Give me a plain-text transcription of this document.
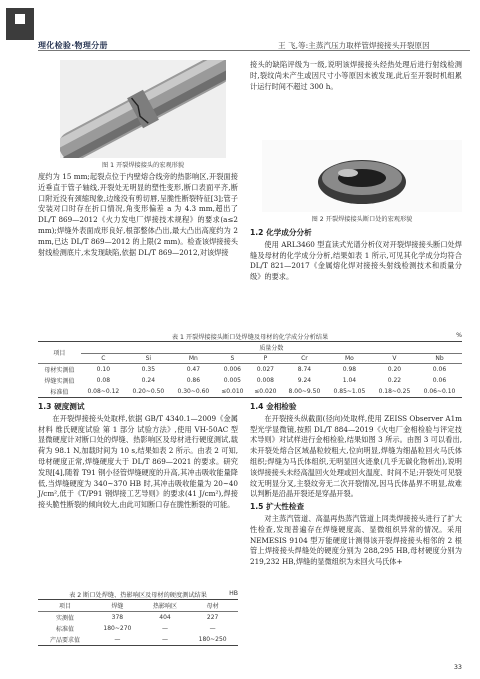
理化检验·物理分册	王 飞,等:主蒸汽压力取样管焊接接头开裂原因
图 1 开裂焊接接头的宏观形貌

度约为 15 mm;起裂点位于内壁熔合线旁的热影响区,开裂面接近垂直于管子轴线,开裂处无明显的塑性变形,断口表面平齐,断口附近没有颈缩现象,边缘没有剪切唇,呈脆性断裂特征[3];管子安装对口时存在折口情况,角变形偏差 a 为 4.3 mm,超出了 DL/T 869—2012《火力发电厂焊接技术规程》的要求(a≤2 mm);焊缝外表面成形良好,根部整体凸出,最大凸出高度约为 2 mm,已达 DL/T 869—2012 的上限(2 mm)。检查该焊接接头射线检测底片,未发现缺陷,依据 DL/T 869—2012,对该焊接

接头的缺陷评级为一级,说明该焊接接头经热处理后进行射线检测时,裂纹尚未产生或因尺寸小等原因未被发现,此后至开裂时机组累计运行时间不超过 300 h。

图 2 开裂焊接接头断口处的宏观形貌
1.2 化学成分分析

使用 ARL3460 型直读式光谱分析仪对开裂焊接接头断口处焊缝及母材的化学成分分析,结果如表 1 所示,可见其化学成分均符合 DL/T 821—2017《金属熔化焊对接接头射线检测技术和质量分级》的要求。

表 1 开裂焊接接头断口处焊缝及母材的化学成分分析结果	%
项目	质量分数								
	C	Si	Mn	S	P	Cr	Mo	V	Nb
母材实测值	0.10	0.35	0.47	0.006	0.027	8.74	0.98	0.20	0.06
焊缝实测值	0.08	0.24	0.86	0.005	0.008	9.24	1.04	0.22	0.06
标准值	0.08~0.12	0.20~0.50	0.30~0.60	≤0.010	≤0.020	8.00~9.50	0.85~1.05	0.18~0.25	0.06~0.10
1.3 硬度测试

在开裂焊接接头处取样,依据 GB/T 4340.1—2009《金属材料 维氏硬度试验 第 1 部分 试验方法》,使用 VH-50AC 型显微硬度计对断口处的焊缝、热影响区及母材进行硬度测试,载荷为 98.1 N,加载时间为 10 s,结果如表 2 所示。由表 2 可知,母材硬度正常,焊缝硬度大于 DL/T 869—2021 的要求。研究发现[4],随着 T91 钢小径管焊缝硬度的升高,其冲击吸收能量降低,当焊缝硬度为 340~370 HB 时,其冲击吸收能量为 20~40 J/cm²,低于《T/P91 钢焊接工艺导则》的要求(41 J/cm²),焊接接头脆性断裂的倾向较大,由此可知断口存在脆性断裂的可能。

表 2 断口处焊缝、热影响区及母材的硬度测试结果	HB
项目	焊缝	热影响区	母材
实测值	378	404	227
标准值	180~270	—	—
产品要求值	—	—	180~250
1.4 金相检验

在开裂接头纵截面(径向)处取样,使用 ZEISS Observer A1m 型光学显微镜,按照 DL/T 884—2019《火电厂金相检验与评定技术导则》对试样进行金相检验,结果如图 3 所示。由图 3 可以看出,未开裂处熔合区域晶粒较粗大,位向明显,焊缝为细晶粒回火马氏体组织;焊缝为马氏体组织,无明显回火迹象(几乎无碳化物析出),说明该焊接接头未经高温回火处理或回火温度、时间不足;开裂处可见裂纹无明显分叉,主裂纹旁无二次开裂情况,因马氏体晶界不明显,故难以判断是沿晶开裂还是穿晶开裂。

1.5 扩大性检查

对主蒸汽管道、高温再热蒸汽管道上同类焊接接头进行了扩大性检查,发现普遍存在焊缝硬度高、显微组织异常的情况。采用 NEMESIS 9104 型万能硬度计测得该开裂焊接接头相邻的 2 根管上焊接接头焊缝处的硬度分别为 288,295 HB,母材硬度分别为 219,232 HB,焊缝的显微组织为未回火马氏体+

33
